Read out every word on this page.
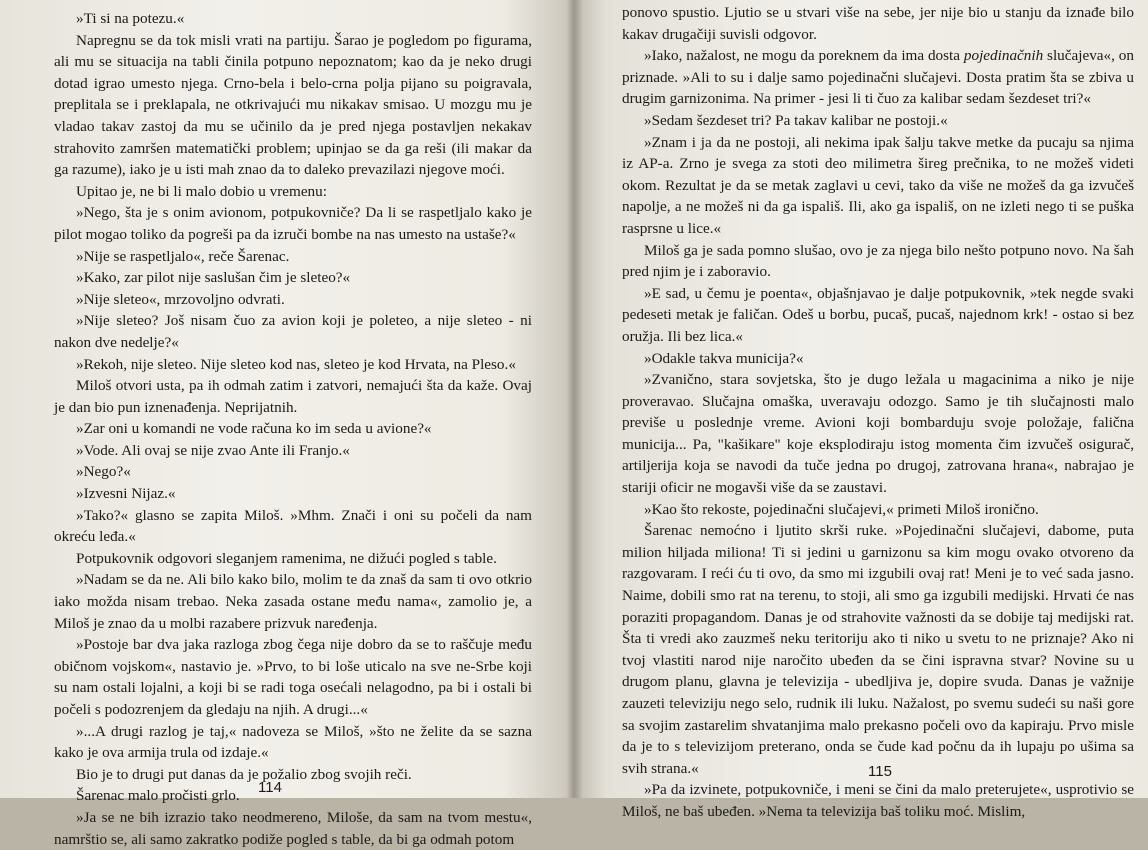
»Ti si na potezu.«

Napregnu se da tok misli vrati na partiju. Šarao je pogledom po figurama, ali mu se situacija na tabli činila potpuno nepoznatom; kao da je neko drugi dotad igrao umesto njega. Crno-bela i belo-crna polja pijano su poigravala, preplitala se i preklapala, ne otkrivajući mu nikakav smisao. U mozgu mu je vladao takav zastoj da mu se učinilo da je pred njega postavljen nekakav strahovito zamršen matematički problem; upinjao se da ga reši (ili makar da ga razume), iako je u isti mah znao da to daleko prevazilazi njegove moći.

Upitao je, ne bi li malo dobio u vremenu:

»Nego, šta je s onim avionom, potpukovniče? Da li se raspetljalo kako je pilot mogao toliko da pogreši pa da izruči bombe na nas umesto na ustaše?«

»Nije se raspetljalo«, reče Šarenac.

»Kako, zar pilot nije saslušan čim je sleteo?«

»Nije sleteo«, mrzovoljno odvrati.

»Nije sleteo? Još nisam čuo za avion koji je poleteo, a nije sleteo - ni nakon dve nedelje?«

»Rekoh, nije sleteo. Nije sleteo kod nas, sleteo je kod Hrvata, na Pleso.«

Miloš otvori usta, pa ih odmah zatim i zatvori, nemajući šta da kaže. Ovaj je dan bio pun iznenađenja. Neprijatnih.

»Zar oni u komandi ne vode računa ko im seda u avione?«

»Vode. Ali ovaj se nije zvao Ante ili Franjo.«

»Nego?«

»Izvesni Nijaz.«

»Tako?« glasno se zapita Miloš. »Mhm. Znači i oni su počeli da nam okreću leđa.«

Potpukovnik odgovori sleganjem ramenima, ne dižući pogled s table.

»Nadam se da ne. Ali bilo kako bilo, molim te da znaš da sam ti ovo otkrio iako možda nisam trebao. Neka zasada ostane među nama«, zamolio je, a Miloš je znao da u molbi razabere prizvuk naređenja.

»Postoje bar dva jaka razloga zbog čega nije dobro da se to raščuje među običnom vojskom«, nastavio je. »Prvo, to bi loše uticalo na sve ne-Srbe koji su nam ostali lojalni, a koji bi se radi toga osećali nelagodno, pa bi i ostali bi počeli s podozrenjem da gledaju na njih. A drugi...«

»...A drugi razlog je taj,« nadoveza se Miloš, »što ne želite da se sazna kako je ova armija trula od izdaje.«

Bio je to drugi put danas da je požalio zbog svojih reči.

Šarenac malo pročisti grlo.

»Ja se ne bih izrazio tako neodmereno, Miloše, da sam na tvom mestu«, namrštio se, ali samo zakratko podiže pogled s table, da bi ga odmah potom

114

ponovo spustio. Ljutio se u stvari više na sebe, jer nije bio u stanju da iznađe bilo kakav drugačiji suvisli odgovor.

»Iako, nažalost, ne mogu da poreknem da ima dosta pojedinačnih slučajeva«, on priznade. »Ali to su i dalje samo pojedinačni slučajevi. Dosta pratim šta se zbiva u drugim garnizonima. Na primer - jesi li ti čuo za kalibar sedam šezdeset tri?«

»Sedam šezdeset tri? Pa takav kalibar ne postoji.«

»Znam i ja da ne postoji, ali nekima ipak šalju takve metke da pucaju sa njima iz AP-a. Zrno je svega za stoti deo milimetra šireg prečnika, to ne možeš videti okom. Rezultat je da se metak zaglavi u cevi, tako da više ne možeš da ga izvučeš napolje, a ne možeš ni da ga ispališ. Ili, ako ga ispališ, on ne izleti nego ti se puška rasprsne u lice.«

Miloš ga je sada pomno slušao, ovo je za njega bilo nešto potpuno novo. Na šah pred njim je i zaboravio.

»E sad, u čemu je poenta«, objašnjavao je dalje potpukovnik, »tek negde svaki pedeseti metak je faličan. Odeš u borbu, pucaš, pucaš, najednom krk! - ostao si bez oružja. Ili bez lica.«

»Odakle takva municija?«

»Zvanično, stara sovjetska, što je dugo ležala u magacinima a niko je nije proveravao. Slučajna omaška, uveravaju odozgo. Samo je tih slučajnosti malo previše u poslednje vreme. Avioni koji bombarduju svoje položaje, falična municija... Pa, "kašikare" koje eksplodiraju istog momenta čim izvučeš osigurač, artiljerija koja se navodi da tuče jedna po drugoj, zatrovana hrana«, nabrajao je stariji oficir ne mogavši više da se zaustavi.

»Kao što rekoste, pojedinačni slučajevi,« primeti Miloš ironično.

Šarenac nemoćno i ljutito skrši ruke. »Pojedinačni slučajevi, dabome, puta milion hiljada miliona! Ti si jedini u garnizonu sa kim mogu ovako otvoreno da razgovaram. I reći ću ti ovo, da smo mi izgubili ovaj rat! Meni je to već sada jasno. Naime, dobili smo rat na terenu, to stoji, ali smo ga izgubili medijski. Hrvati će nas poraziti propagandom. Danas je od strahovite važnosti da se dobije taj medijski rat. Šta ti vredi ako zauzmeš neku teritoriju ako ti niko u svetu to ne priznaje? Ako ni tvoj vlastiti narod nije naročito ubeđen da se čini ispravna stvar? Novine su u drugom planu, glavna je televizija - ubedljiva je, dopire svuda. Danas je važnije zauzeti televiziju nego selo, rudnik ili luku. Nažalost, po svemu sudeći su naši gore sa svojim zastarelim shvatanjima malo prekasno počeli ovo da kapiraju. Prvo misle da je to s televizijom preterano, onda se čude kad počnu da ih lupaju po ušima sa svih strana.«

»Pa da izvinete, potpukovniče, i meni se čini da malo preterujete«, usprotivio se Miloš, ne baš ubeđen. »Nema ta televizija baš toliku moć. Mislim,

115
